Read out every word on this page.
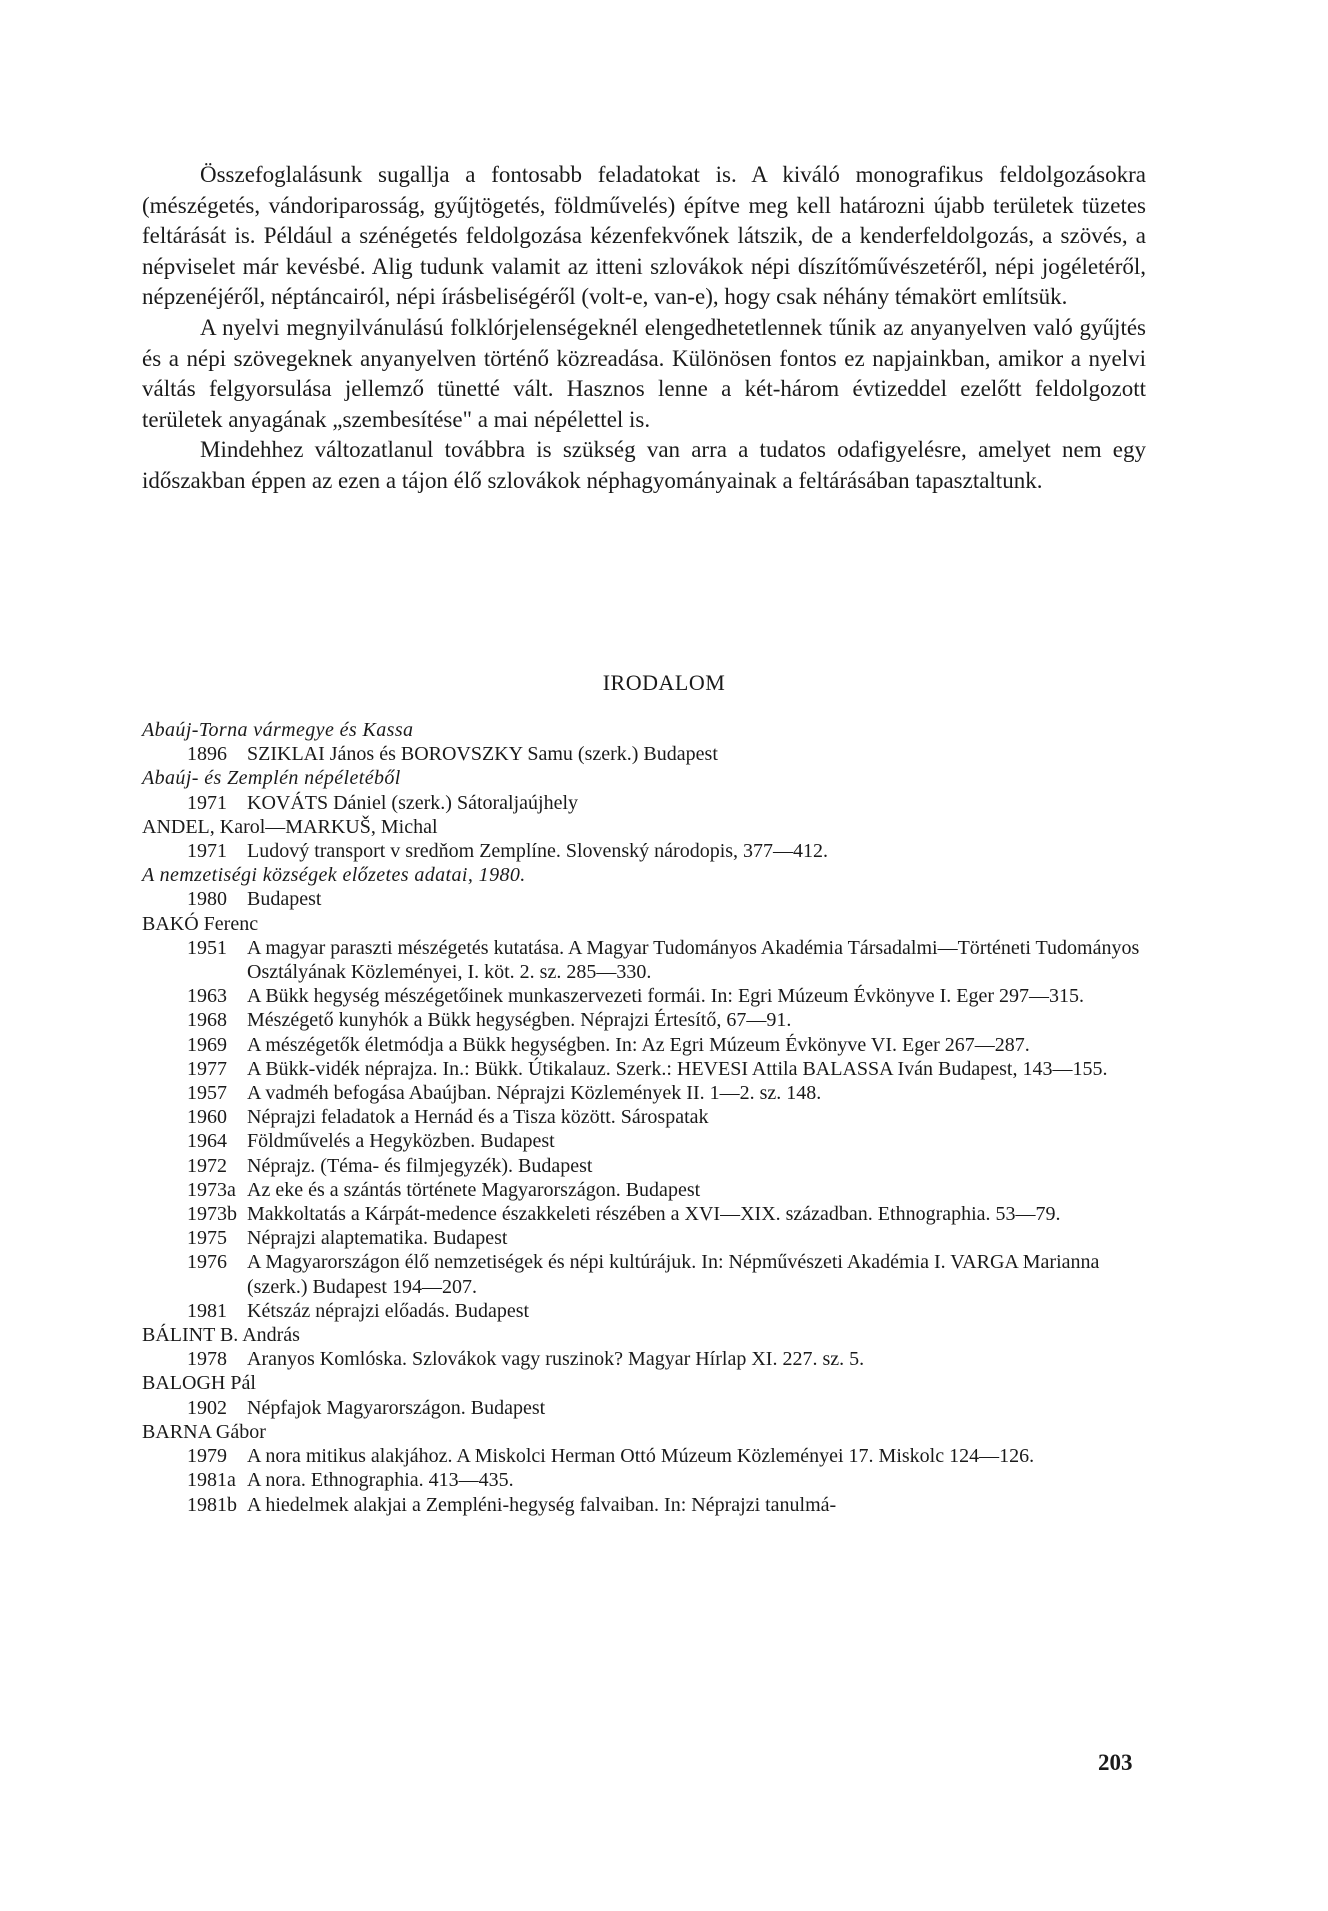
Összefoglalásunk sugallja a fontosabb feladatokat is. A kiváló monografikus feldolgozásokra (mészégetés, vándoriparosság, gyűjtögetés, földművelés) építve meg kell határozni újabb területek tüzetes feltárását is. Például a szénégetés feldolgozása kézenfekvőnek látszik, de a kenderfeldolgozás, a szövés, a népviselet már kevésbé. Alig tudunk valamit az itteni szlovákok népi díszítőművészetéről, népi jogéletéről, népzenéjéről, néptáncairól, népi írásbeliségéről (volt-e, van-e), hogy csak néhány témakört említsük.

A nyelvi megnyilvánulású folklórjelenségeknél elengedhetetlennek tűnik az anyanyelven való gyűjtés és a népi szövegeknek anyanyelven történő közreadása. Különösen fontos ez napjainkban, amikor a nyelvi váltás felgyorsulása jellemző tünetté vált. Hasznos lenne a két-három évtizeddel ezelőtt feldolgozott területek anyagának „szembesítése" a mai népélettel is.

Mindehhez változatlanul továbbra is szükség van arra a tudatos odafigyelésre, amelyet nem egy időszakban éppen az ezen a tájon élő szlovákok néphagyományainak a feltárásában tapasztaltunk.

IRODALOM
Abaúj-Torna vármegye és Kassa
1896	SZIKLAI János és BOROVSZKY Samu (szerk.) Budapest
Abaúj- és Zemplén népéletéből
1971	KOVÁTS Dániel (szerk.) Sátoraljaújhely
ANDEL, Karol—MARKUŠ, Michal
1971	Ludový transport v sredňom Zemplíne. Slovenský národopis, 377—412.
A nemzetiségi községek előzetes adatai, 1980.
1980	Budapest
BAKÓ Ferenc
1951	A magyar paraszti mészégetés kutatása. A Magyar Tudományos Akadémia Társadalmi—Történeti Tudományos Osztályának Közleményei, I. köt. 2. sz. 285—330.
1963	A Bükk hegység mészégetőinek munkaszervezeti formái. In: Egri Múzeum Évkönyve I. Eger 297—315.
1968	Mészégető kunyhók a Bükk hegységben. Néprajzi Értesítő, 67—91.
1969	A mészégetők életmódja a Bükk hegységben. In: Az Egri Múzeum Évkönyve VI. Eger 267—287.
1977	A Bükk-vidék néprajza. In.: Bükk. Útikalauz. Szerk.: HEVESI Attila BALASSA Iván Budapest, 143—155.
1957	A vadméh befogása Abaújban. Néprajzi Közlemények II. 1—2. sz. 148.
1960	Néprajzi feladatok a Hernád és a Tisza között. Sárospatak
1964	Földművelés a Hegyközben. Budapest
1972	Néprajz. (Téma- és filmjegyzék). Budapest
1973a Az eke és a szántás története Magyarországon. Budapest
1973b Makkoltatás a Kárpát-medence északkeleti részében a XVI—XIX. században. Ethnographia. 53—79.
1975	Néprajzi alaptematika. Budapest
1976	A Magyarországon élő nemzetiségek és népi kultúrájuk. In: Népművészeti Akadémia I. VARGA Marianna (szerk.) Budapest 194—207.
1981	Kétszáz néprajzi előadás. Budapest
BÁLINT B. András
1978	Aranyos Komlóska. Szlovákok vagy ruszinok? Magyar Hírlap XI. 227. sz. 5.
BALOGH Pál
1902	Népfajok Magyarországon. Budapest
BARNA Gábor
1979	A nora mitikus alakjához. A Miskolci Herman Ottó Múzeum Közleményei 17. Miskolc 124—126.
1981a A nora. Ethnographia. 413—435.
1981b A hiedelmek alakjai a Zempléni-hegység falvaiban. In: Néprajzi tanulmá-
203
